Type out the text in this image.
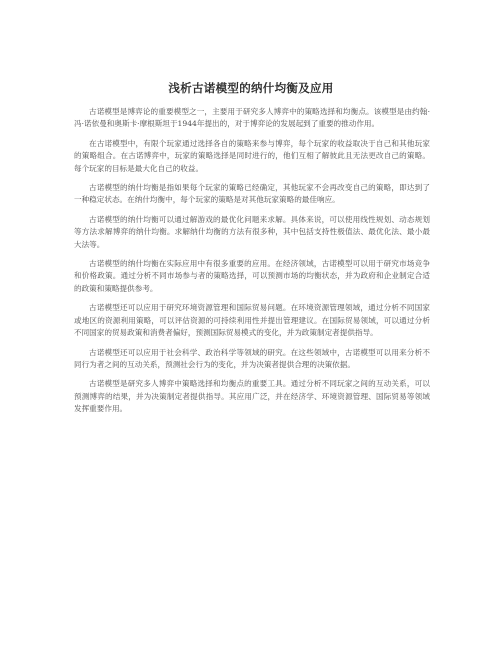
浅析古诺模型的纳什均衡及应用

古诺模型是博弈论的重要模型之一，主要用于研究多人博弈中的策略选择和均衡点。该模型是由约翰·冯·诺依曼和奥斯卡·摩根斯坦于1944年提出的，对于博弈论的发展起到了重要的推动作用。

在古诺模型中，有限个玩家通过选择各自的策略来参与博弈，每个玩家的收益取决于自己和其他玩家的策略组合。在古诺博弈中，玩家的策略选择是同时进行的，他们互相了解彼此且无法更改自己的策略。每个玩家的目标是最大化自己的收益。

古诺模型的纳什均衡是指如果每个玩家的策略已经确定，其他玩家不会再改变自己的策略，即达到了一种稳定状态。在纳什均衡中，每个玩家的策略是对其他玩家策略的最佳响应。

古诺模型的纳什均衡可以通过解游戏的最优化问题来求解。具体来说，可以使用线性规划、动态规划等方法求解博弈的纳什均衡。求解纳什均衡的方法有很多种，其中包括支持性极值法、最优化法、最小最大法等。

古诺模型的纳什均衡在实际应用中有很多重要的应用。在经济领域，古诺模型可以用于研究市场竞争和价格政策。通过分析不同市场参与者的策略选择，可以预测市场的均衡状态，并为政府和企业制定合适的政策和策略提供参考。

古诺模型还可以应用于研究环境资源管理和国际贸易问题。在环境资源管理领域，通过分析不同国家或地区的资源利用策略，可以评估资源的可持续利用性并提出管理建议。在国际贸易领域，可以通过分析不同国家的贸易政策和消费者偏好，预测国际贸易模式的变化，并为政策制定者提供指导。

古诺模型还可以应用于社会科学、政治科学等领域的研究。在这些领域中，古诺模型可以用来分析不同行为者之间的互动关系，预测社会行为的变化，并为决策者提供合理的决策依据。

古诺模型是研究多人博弈中策略选择和均衡点的重要工具。通过分析不同玩家之间的互动关系，可以预测博弈的结果，并为决策制定者提供指导。其应用广泛，并在经济学、环境资源管理、国际贸易等领域发挥重要作用。
